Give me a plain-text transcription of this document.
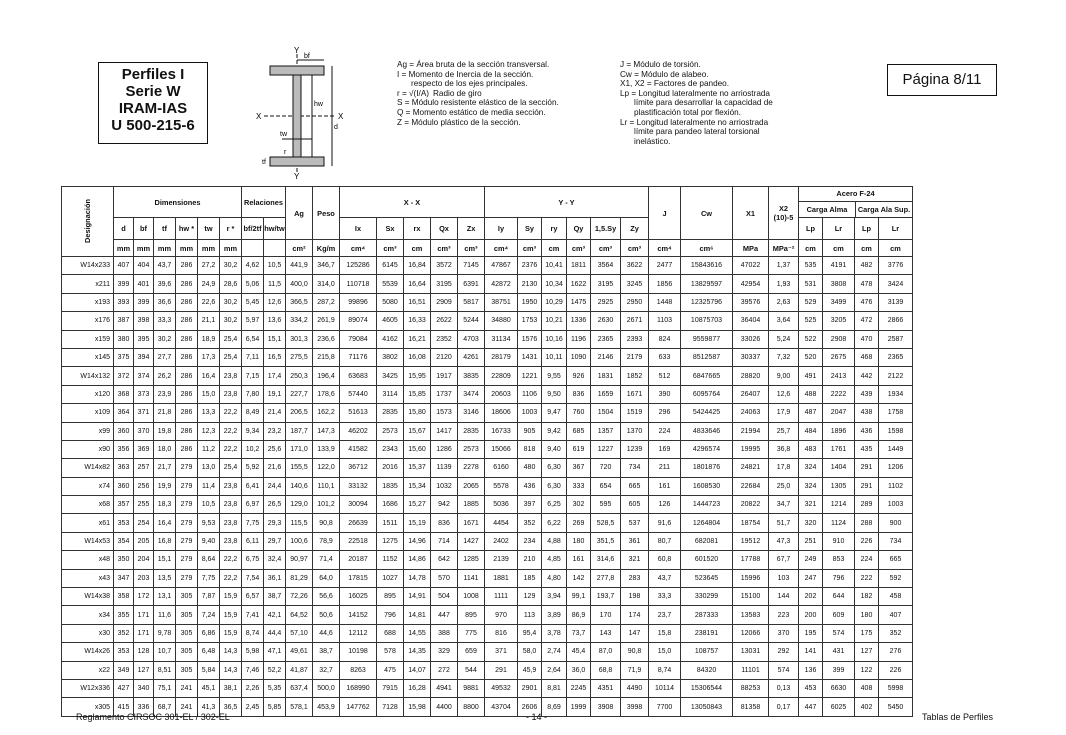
Perfiles I
Serie W
IRAM-IAS
U 500-215-6
Y
Y
X	X
bf
hw
d
tw
tf
r
Ag = Área bruta de la sección transversal.
I = Momento de Inercia de la sección.
respecto de los ejes principales.
r = √(I/A) Radio de giro
S = Módulo resistente elástico de la sección.
Q = Momento estático de media sección.
Z = Módulo plástico de la sección.
J = Módulo de torsión.
Cw = Módulo de alabeo.
X1, X2 = Factores de pandeo.
Lp = Longitud lateralmente no arriostrada
límite para desarrollar la capacidad de
plastificación total por flexión.
Lr = Longitud lateralmente no arriostrada
límite para pandeo lateral torsional
inelástico.
Página 8/11
Designación	Dimensiones						Relaciones		Ag	Peso	X - X					Y - Y						J	Cw	X1	X2 (10)-5	Acero F-24
Carga Alma Carga Ala Sup.			

	d	bf	tf	hw *	tw	r *	bf/2tf	hw/tw			Ix	Sx	rx	Qx	Zx	Iy	Sy	ry	Qy	1,5.Sy	Zy					Lp	Lr	Lp	Lr
	mm	mm	mm	mm	mm	mm			cm²	Kg/m	cm⁴	cm³	cm	cm³	cm³	cm⁴	cm³	cm	cm³	cm³	cm³	cm⁴	cm⁶	MPa	MPa⁻²	cm	cm	cm	cm
W14x233	407	404	43,7	286	27,2	30,2	4,62	10,5	441,9	346,7	125286	6145	16,84	3572	7145	47867	2376	10,41	1811	3564	3622	2477	15843616	47022	1,37	535	4191	482	3776
x211	399	401	39,6	286	24,9	28,6	5,06	11,5	400,0	314,0	110718	5539	16,64	3195	6391	42872	2130	10,34	1622	3195	3245	1856	13829597	42954	1,93	531	3808	478	3424
x193	393	399	36,6	286	22,6	30,2	5,45	12,6	366,5	287,2	99896	5080	16,51	2909	5817	38751	1950	10,29	1475	2925	2950	1448	12325796	39576	2,63	529	3499	476	3139
x176	387	398	33,3	286	21,1	30,2	5,97	13,6	334,2	261,9	89074	4605	16,33	2622	5244	34880	1753	10,21	1336	2630	2671	1103	10875703	36404	3,64	525	3205	472	2866
x159	380	395	30,2	286	18,9	25,4	6,54	15,1	301,3	236,6	79084	4162	16,21	2352	4703	31134	1576	10,16	1196	2365	2393	824	9559877	33026	5,24	522	2908	470	2587
x145	375	394	27,7	286	17,3	25,4	7,11	16,5	275,5	215,8	71176	3802	16,08	2120	4261	28179	1431	10,11	1090	2146	2179	633	8512587	30337	7,32	520	2675	468	2365
W14x132	372	374	26,2	286	16,4	23,8	7,15	17,4	250,3	196,4	63683	3425	15,95	1917	3835	22809	1221	9,55	926	1831	1852	512	6847665	28820	9,00	491	2413	442	2122
x120	368	373	23,9	286	15,0	23,8	7,80	19,1	227,7	178,6	57440	3114	15,85	1737	3474	20603	1106	9,50	836	1659	1671	390	6095764	26407	12,6	488	2222	439	1934
x109	364	371	21,8	286	13,3	22,2	8,49	21,4	206,5	162,2	51613	2835	15,80	1573	3146	18606	1003	9,47	760	1504	1519	296	5424425	24063	17,9	487	2047	438	1758
x99	360	370	19,8	286	12,3	22,2	9,34	23,2	187,7	147,3	46202	2573	15,67	1417	2835	16733	905	9,42	685	1357	1370	224	4833646	21994	25,7	484	1896	436	1598
x90	356	369	18,0	286	11,2	22,2	10,2	25,6	171,0	133,9	41582	2343	15,60	1286	2573	15066	818	9,40	619	1227	1239	169	4296574	19995	36,8	483	1761	435	1449
W14x82	363	257	21,7	279	13,0	25,4	5,92	21,6	155,5	122,0	36712	2016	15,37	1139	2278	6160	480	6,30	367	720	734	211	1801876	24821	17,8	324	1404	291	1206
x74	360	256	19,9	279	11,4	23,8	6,41	24,4	140,6	110,1	33132	1835	15,34	1032	2065	5578	436	6,30	333	654	665	161	1608530	22684	25,0	324	1305	291	1102
x68	357	255	18,3	279	10,5	23,8	6,97	26,5	129,0	101,2	30094	1686	15,27	942	1885	5036	397	6,25	302	595	605	126	1444723	20822	34,7	321	1214	289	1003
x61	353	254	16,4	279	9,53	23,8	7,75	29,3	115,5	90,8	26639	1511	15,19	836	1671	4454	352	6,22	269	528,5	537	91,6	1264804	18754	51,7	320	1124	288	900
W14x53	354	205	16,8	279	9,40	23,8	6,11	29,7	100,6	78,9	22518	1275	14,96	714	1427	2402	234	4,88	180	351,5	361	80,7	682081	19512	47,3	251	910	226	734
x48	350	204	15,1	279	8,64	22,2	6,75	32,4	90,97	71,4	20187	1152	14,86	642	1285	2139	210	4,85	161	314,6	321	60,8	601520	17788	67,7	249	853	224	665
x43	347	203	13,5	279	7,75	22,2	7,54	36,1	81,29	64,0	17815	1027	14,78	570	1141	1881	185	4,80	142	277,8	283	43,7	523645	15996	103	247	796	222	592
W14x38	358	172	13,1	305	7,87	15,9	6,57	38,7	72,26	56,6	16025	895	14,91	504	1008	1111	129	3,94	99,1	193,7	198	33,3	330299	15100	144	202	644	182	458
x34	355	171	11,6	305	7,24	15,9	7,41	42,1	64,52	50,6	14152	796	14,81	447	895	970	113	3,89	86,9	170	174	23,7	287333	13583	223	200	609	180	407
x30	352	171	9,78	305	6,86	15,9	8,74	44,4	57,10	44,6	12112	688	14,55	388	775	816	95,4	3,78	73,7	143	147	15,8	238191	12066	370	195	574	175	352
W14x26	353	128	10,7	305	6,48	14,3	5,98	47,1	49,61	38,7	10198	578	14,35	329	659	371	58,0	2,74	45,4	87,0	90,8	15,0	108757	13031	292	141	431	127	276
x22	349	127	8,51	305	5,84	14,3	7,46	52,2	41,87	32,7	8263	475	14,07	272	544	291	45,9	2,64	36,0	68,8	71,9	8,74	84320	11101	574	136	399	122	226
W12x336	427	340	75,1	241	45,1	38,1	2,26	5,35	637,4	500,0	168990	7915	16,28	4941	9881	49532	2901	8,81	2245	4351	4490	10114	15306544	88253	0,13	453	6630	408	5998
x305	415	336	68,7	241	41,3	36,5	2,45	5,85	578,1	453,9	147762	7128	15,98	4400	8800	43704	2606	8,69	1999	3908	3998	7700	13050843	81358	0,17	447	6025	402	5450
Reglamento CIRSOC 301-EL / 302-EL	- 14 -	Tablas de Perfiles
